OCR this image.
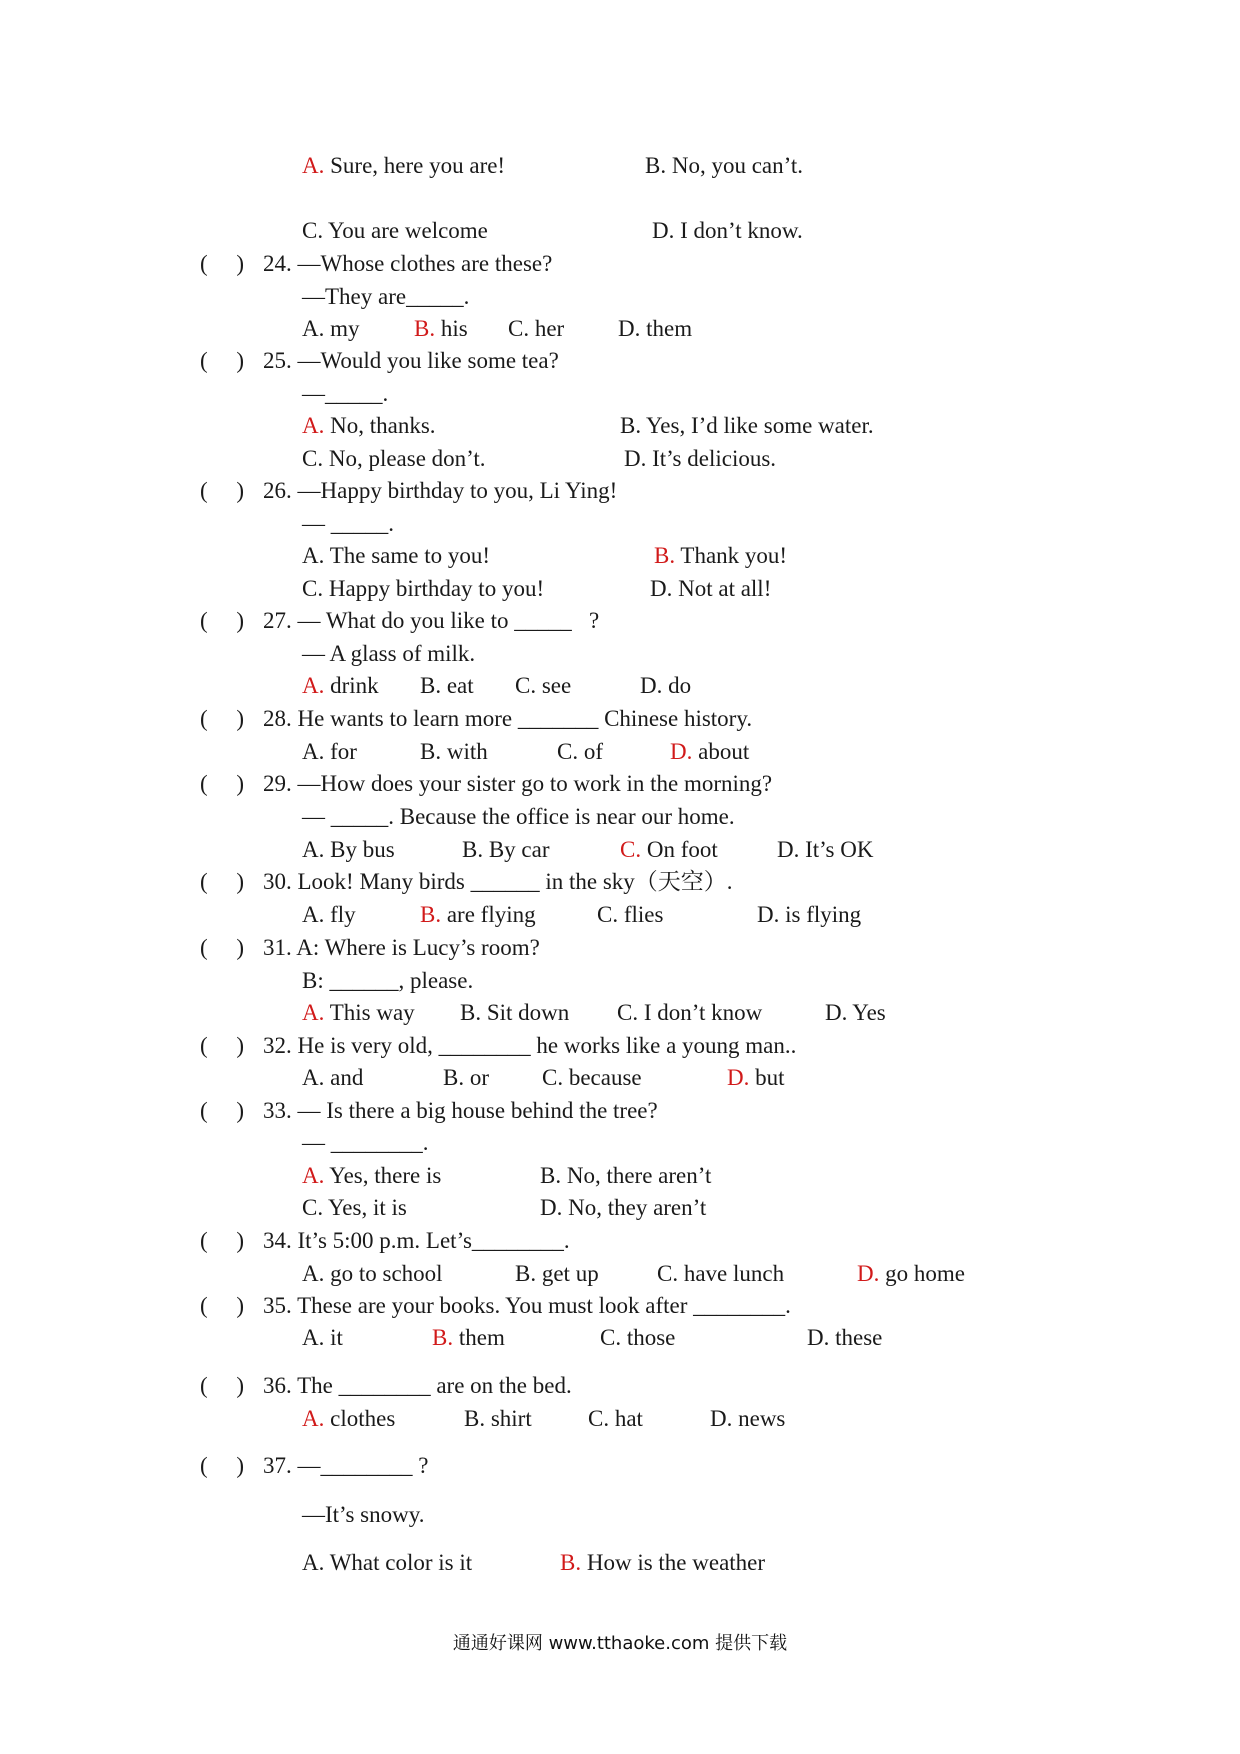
A. Sure, here you are!	B. No, you can’t.
C. You are welcome	D. I don’t know.
(     ) 24. —Whose clothes are these?
—They are_____.
A. my B. his C. her D. them
(     ) 25. —Would you like some tea?
—_____.
A. No, thanks.	B. Yes, I’d like some water.
C. No, please don’t.	D. It’s delicious.
(     ) 26. —Happy birthday to you, Li Ying!
— _____.
A. The same to you!	B. Thank you!
C. Happy birthday to you!	D. Not at all!
(     ) 27. — What do you like to _____   ?
— A glass of milk.
A. drink B. eat C. see	D. do
(     ) 28. He wants to learn more _______ Chinese history.
A. for	B. with	C. of	D. about
(     ) 29. —How does your sister go to work in the morning?
— _____. Because the office is near our home.
A. By bus	B. By car	C. On foot	D. It’s OK
(     ) 30. Look! Many birds ______ in the sky（天空）.
A. fly	B. are flying	C. flies	D. is flying
(     ) 31. A: Where is Lucy’s room?
B: ______, please.
A. This way B. Sit down C. I don’t know	D. Yes
(     ) 32. He is very old, ________ he works like a young man..
A. and	B. or C. because	D. but
(     ) 33. — Is there a big house behind the tree?
— ________.
A. Yes, there is	B. No, there aren’t
C. Yes, it is	D. No, they aren’t
(     ) 34. It’s 5:00 p.m. Let’s________.
A. go to school	B. get up	C. have lunch	D. go home
(     ) 35. These are your books. You must look after ________.
A. it	B. them	C. those	D. these
(     ) 36. The ________ are on the bed.
A. clothes	B. shirt C. hat	D. news
(     ) 37. —________ ?
—It’s snowy.
A. What color is it	B. How is the weather
通通好课网 www.tthaoke.com 提供下载
